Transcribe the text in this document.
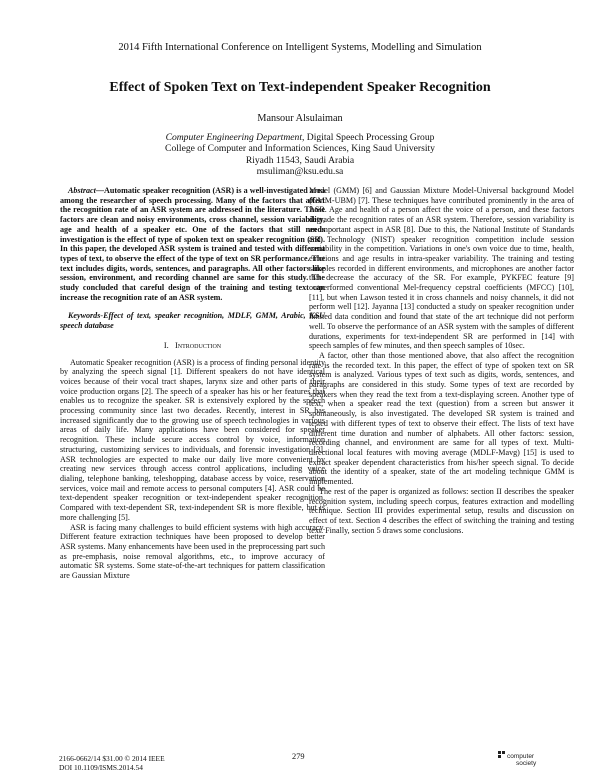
2014 Fifth International Conference on Intelligent Systems, Modelling and Simulation
Effect of Spoken Text on Text-independent Speaker Recognition
Mansour Alsulaiman
Computer Engineering Department, Digital Speech Processing Group
College of Computer and Information Sciences, King Saud University
Riyadh 11543, Saudi Arabia
msuliman@ksu.edu.sa

Abstract—Automatic speaker recognition (ASR) is a well-investigated area among the researcher of speech processing. Many of the factors that affect the recognition rate of an ASR system are addressed in the literature. Those factors are clean and noisy environments, cross channel, session variability, age and health of a speaker etc. One of the factors that still needs investigation is the effect of type of spoken text on speaker recognition (SR). In this paper, the developed ASR system is trained and tested with different types of text, to observe the effect of the type of text on SR performance. The text includes digits, words, sentences, and paragraphs. All other factors like session, environment, and recording channel are same for this study. The study concluded that careful design of the training and testing text can increase the recognition rate of an ASR system.

Keywords-Effect of text, speaker recognition, MDLF, GMM, Arabic, KSU speech database

I. Introduction

Automatic Speaker recognition (ASR) is a process of finding personal identity by analyzing the speech signal [1]. Different speakers do not have identical voices because of their vocal tract shapes, larynx size and other parts of their voice production organs [2]. The speech of a speaker has his or her features that enables us to recognize the speaker. SR is extensively explored by the speech processing community since last two decades. Recently, interest in SR has increased significantly due to the growing use of speech technologies in various areas of daily life. Many applications have been considered for speaker recognition. These include secure access control by voice, information structuring, customizing services to individuals, and forensic investigation [3]. ASR technologies are expected to make our daily live more convenient by creating new services through access control applications, including voice dialing, telephone banking, teleshopping, database access by voice, reservation services, voice mail and remote access to personal computers [4]. ASR could be text-dependent speaker recognition or text-independent speaker recognition. Compared with text-dependent SR, text-independent SR is more flexible, but is more challenging [5].

ASR is facing many challenges to build efficient systems with high accuracy. Different feature extraction techniques have been proposed to develop better ASR systems. Many enhancements have been used in the preprocessing part such as pre-emphasis, noise removal algorithms, etc., to improve accuracy of automatic SR systems. Some state-of-the-art techniques for pattern classification are Gaussian Mixture

Model (GMM) [6] and Gaussian Mixture Model-Universal background Model (GMM-UBM) [7]. These techniques have contributed prominently in the area of ASR. Age and health of a person affect the voice of a person, and these factors degrade the recognition rates of an ASR system. Therefore, session variability is an important aspect in ASR [8]. Due to this, the National Institute of Standards and Technology (NIST) speaker recognition competition include session variability in the competition. Variations in one's own voice due to time, health, emotions and age results in intra-speaker variability. The training and testing samples recorded in different environments, and microphones are another factor that decrease the accuracy of the SR. For example, PYKFEC feature [9] outperformed conventional Mel-frequency cepstral coefficients (MFCC) [10], [11], but when Lawson tested it in cross channels and noisy channels, it did not perform well [12]. Jayanna [13] conducted a study on speaker recognition under limited data condition and found that state of the art technique did not perform well. To observe the performance of an ASR system with the samples of different durations, experiments for text-independent SR are performed in [14] with speech samples of few minutes, and then speech samples of 10sec.

A factor, other than those mentioned above, that also affect the recognition rate is the recorded text. In this paper, the effect of type of spoken text on SR system is analyzed. Various types of text such as digits, words, sentences, and paragraphs are considered in this study. Some types of text are recorded by speakers when they read the text from a text-displaying screen. Another type of text, when a speaker read the text (question) from a screen but answer it spontaneously, is also investigated. The developed SR system is trained and tested with different types of text to observe their effect. The lists of text have different time duration and number of alphabets. All other factors: session, recording channel, and environment are same for all types of text. Multi-directional local features with moving average (MDLF-Mavg) [15] is used to extract speaker dependent characteristics from his/her speech signal. To decide about the identity of a speaker, state of the art modeling technique GMM is implemented.

The rest of the paper is organized as follows: section II describes the speaker recognition system, including speech corpus, features extraction and modelling technique. Section III provides experimental setup, results and discussion on effect of text. Section 4 describes the effect of switching the training and testing text. Finally, section 5 draws some conclusions.

2166-0662/14 $31.00 © 2014 IEEE
DOI 10.1109/ISMS.2014.54
279	computer
society
